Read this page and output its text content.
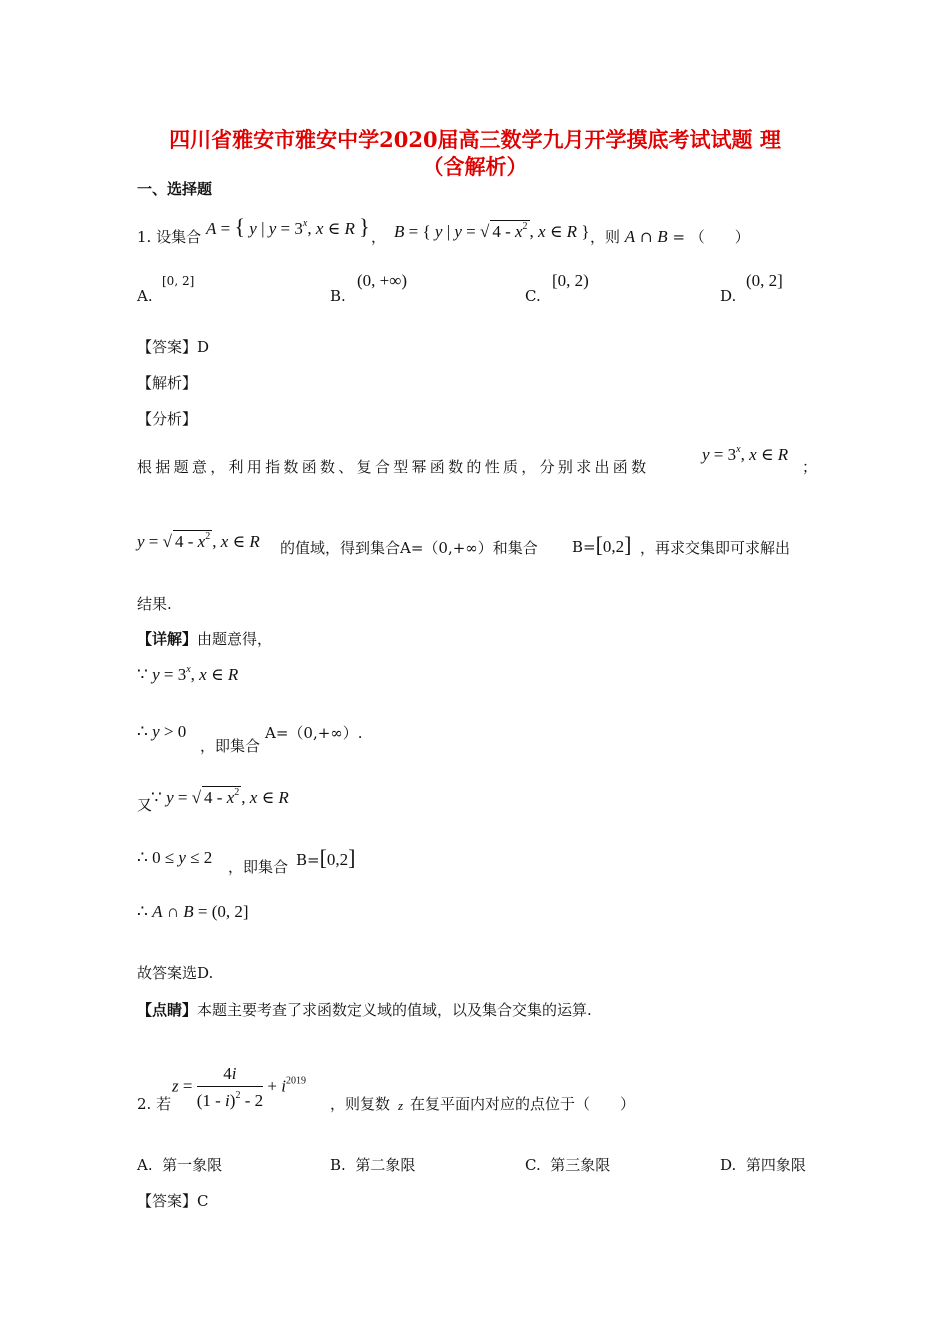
四川省雅安市雅安中学2020届高三数学九月开学摸底考试试题 理
（含解析）
一、选择题
1. 设集合 A = { y | $y = 3^x$, x ∈ R } ， B = { y | y = √ $4 - x^2$ , x ∈ R } ，则 A ∩ B = （　　）
A.
[0, 2]
B.
(0, +∞)
C.
[0, 2)
D.
(0, 2]
【答案】D
【解析】
【分析】
根据题意，利用指数函数、复合型幂函数的性质，分别求出函数
$y = 3^x$, x ∈ R
；
y = √ $4 - x^2$ , x ∈ R 的值域，得到集合A=（0,+∞）和集合 B=[0,2] ，再求交集即可求解出
结果.
【详解】由题意得，
∵ $y = 3^x$, x ∈ R
∴ y > 0
，即集合
A=（0,+∞）.
又
∵ y = √ $4 - x^2$ , x ∈ R
∴ 0 ≤ y ≤ 2 ，即集合 B=[0,2]
∴ A ∩ B = (0, 2]
故答案选D.
【点睛】本题主要考查了求函数定义域的值域，以及集合交集的运算.
2. 若
$z = \frac{4i}{(1 - i)^2 - 2} + i^{2019}$
，则复数 z 在复平面内对应的点位于（　　）
A. 第一象限	B. 第二象限	C. 第三象限	D. 第四象限
【答案】C
